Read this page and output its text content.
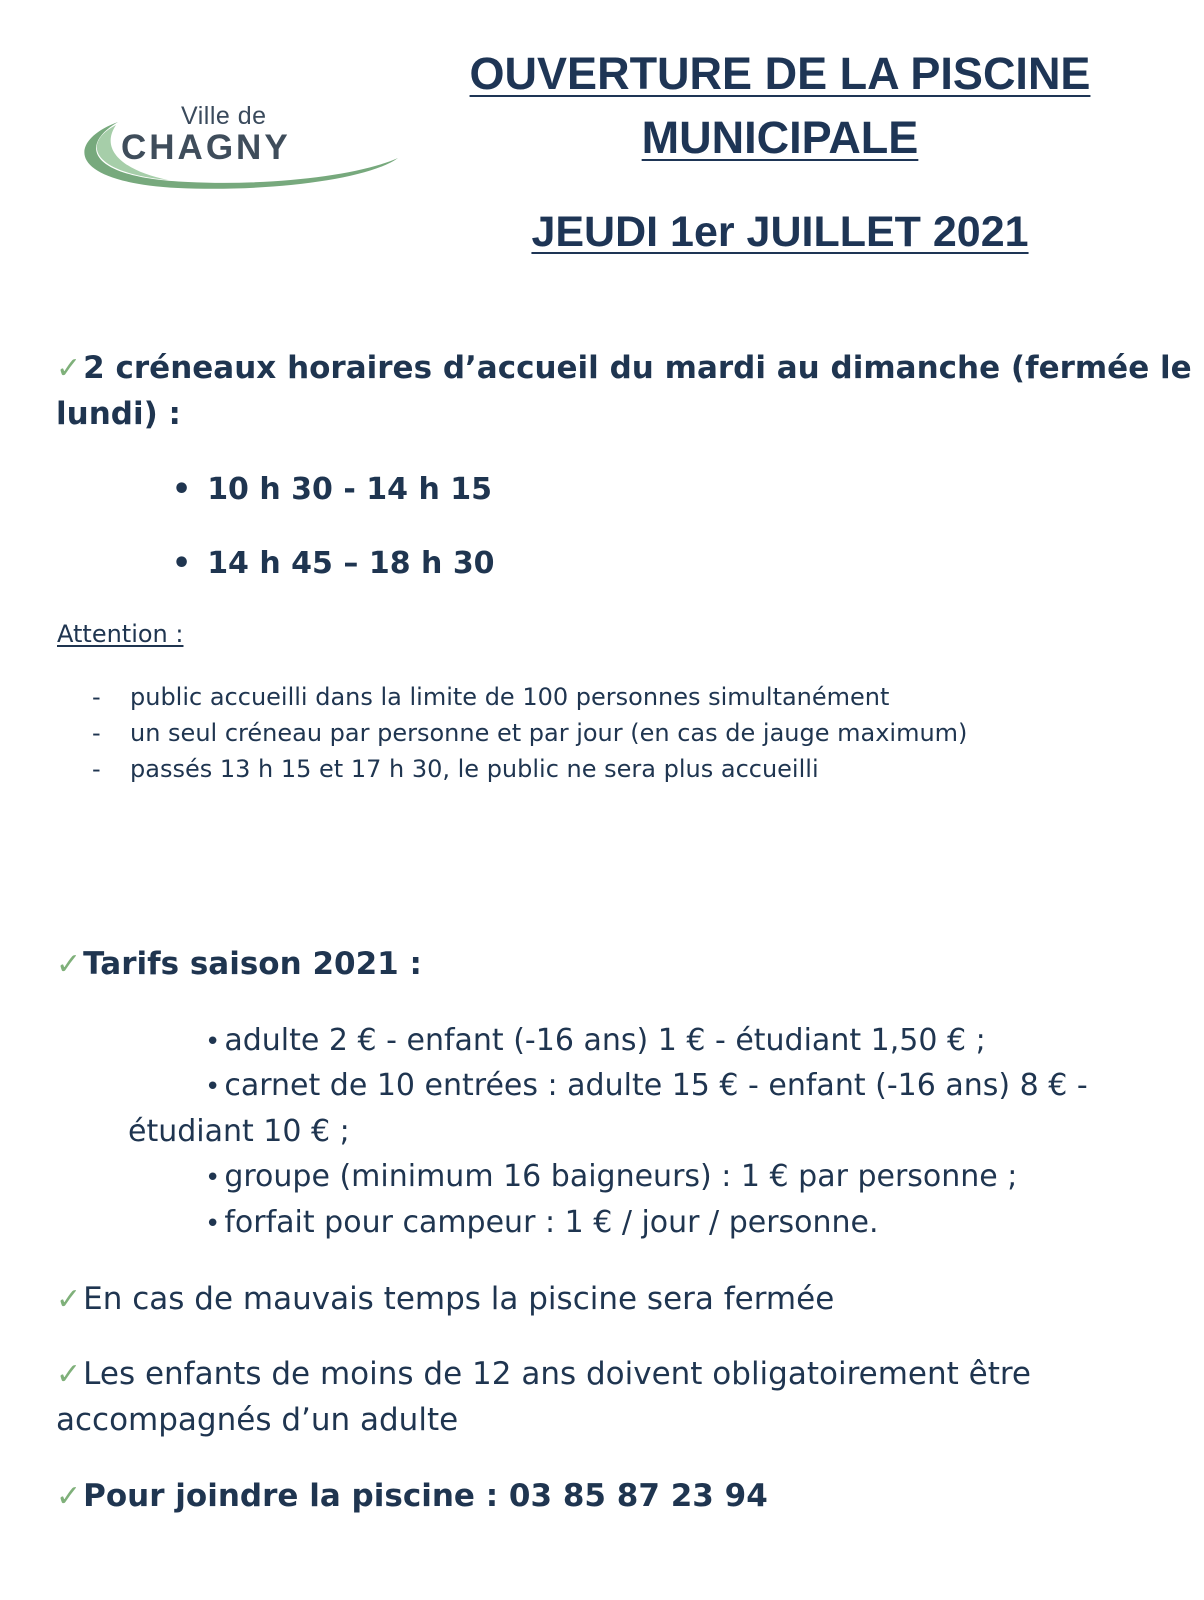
Ville de
CHAGNY
OUVERTURE DE LA PISCINE
MUNICIPALE
JEUDI 1er JUILLET 2021
✓2 créneaux horaires d’accueil du mardi au dimanche (fermée le
lundi) :
• 10 h 30 - 14 h 15
• 14 h 45 – 18 h 30
Attention :
- public accueilli dans la limite de 100 personnes simultanément
- un seul créneau par personne et par jour (en cas de jauge maximum)
- passés 13 h 15 et 17 h 30, le public ne sera plus accueilli
✓Tarifs saison 2021 :
• adulte 2 € - enfant (-16 ans) 1 € - étudiant 1,50 € ;
• carnet de 10 entrées : adulte 15 € - enfant (-16 ans) 8 € -
étudiant 10 € ;
• groupe (minimum 16 baigneurs) : 1 € par personne ;
• forfait pour campeur : 1 € / jour / personne.
✓En cas de mauvais temps la piscine sera fermée
✓Les enfants de moins de 12 ans doivent obligatoirement être
accompagnés d’un adulte
✓Pour joindre la piscine : 03 85 87 23 94
